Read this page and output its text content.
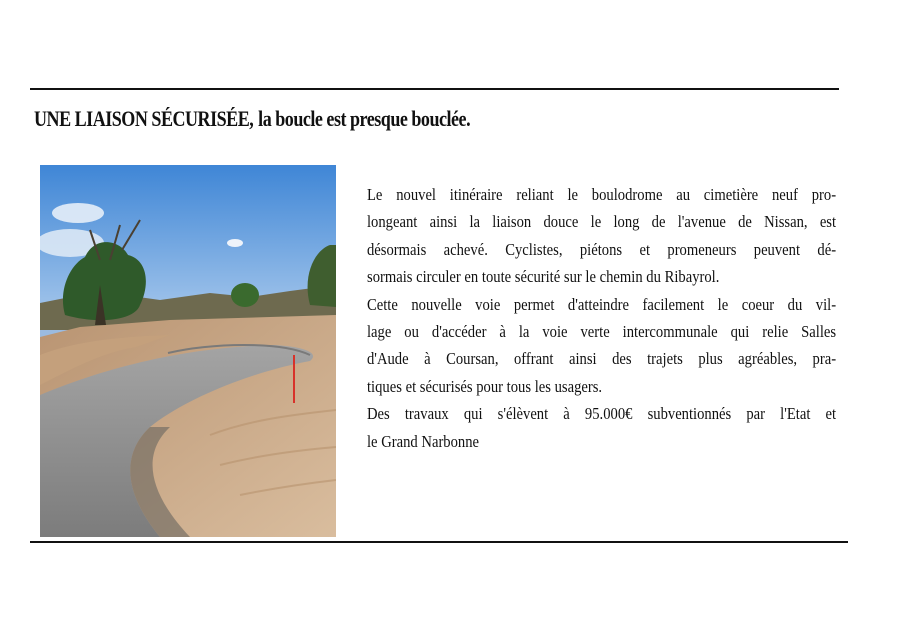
UNE LIAISON SÉCURISÉE, la boucle est presque bouclée.
Le nouvel itinéraire reliant le boulodrome au cimetière neuf pro-
longeant ainsi la liaison douce le long de l'avenue de Nissan, est
désormais achevé. Cyclistes, piétons et promeneurs peuvent dé-
sormais circuler en toute sécurité sur le chemin du Ribayrol.
Cette nouvelle voie permet d'atteindre facilement le coeur du vil-
lage ou d'accéder à la voie verte intercommunale qui relie Salles
d'Aude à Coursan, offrant ainsi des trajets plus agréables, pra-
tiques et sécurisés pour tous les usagers.
Des travaux qui s'élèvent à 95.000€ subventionnés par l'Etat et
le Grand Narbonne
